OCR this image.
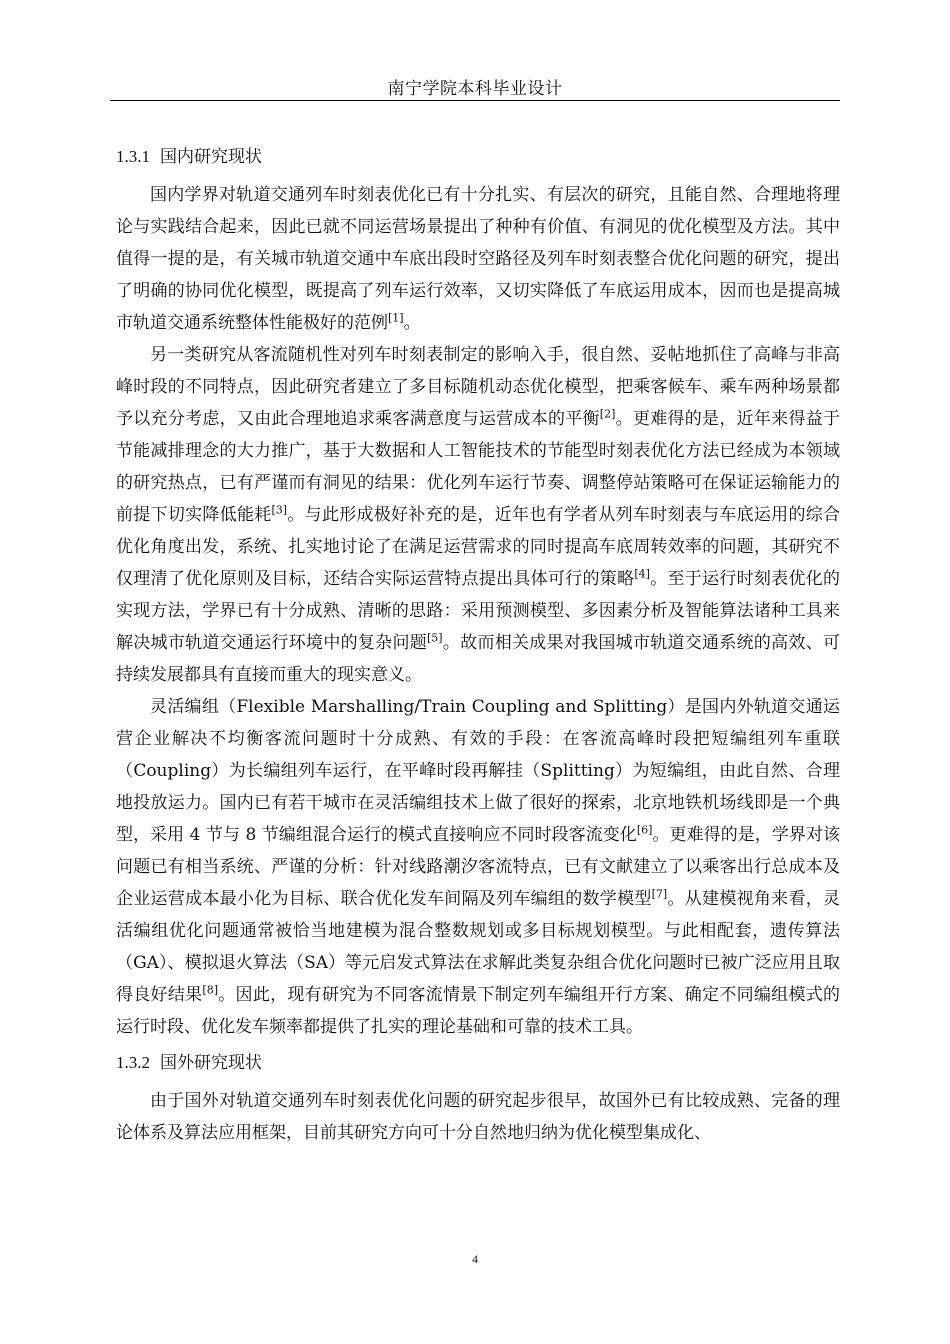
南宁学院本科毕业设计
1.3.1 国内研究现状

国内学界对轨道交通列车时刻表优化已有十分扎实、有层次的研究，且能自然、合理地将理论与实践结合起来，因此已就不同运营场景提出了种种有价值、有洞见的优化模型及方法。其中值得一提的是，有关城市轨道交通中车底出段时空路径及列车时刻表整合优化问题的研究，提出了明确的协同优化模型，既提高了列车运行效率，又切实降低了车底运用成本，因而也是提高城市轨道交通系统整体性能极好的范例[1]。

另一类研究从客流随机性对列车时刻表制定的影响入手，很自然、妥帖地抓住了高峰与非高峰时段的不同特点，因此研究者建立了多目标随机动态优化模型，把乘客候车、乘车两种场景都予以充分考虑，又由此合理地追求乘客满意度与运营成本的平衡[2]。更难得的是，近年来得益于节能减排理念的大力推广，基于大数据和人工智能技术的节能型时刻表优化方法已经成为本领域的研究热点，已有严谨而有洞见的结果：优化列车运行节奏、调整停站策略可在保证运输能力的前提下切实降低能耗[3]。与此形成极好补充的是，近年也有学者从列车时刻表与车底运用的综合优化角度出发，系统、扎实地讨论了在满足运营需求的同时提高车底周转效率的问题，其研究不仅理清了优化原则及目标，还结合实际运营特点提出具体可行的策略[4]。至于运行时刻表优化的实现方法，学界已有十分成熟、清晰的思路：采用预测模型、多因素分析及智能算法诸种工具来解决城市轨道交通运行环境中的复杂问题[5]。故而相关成果对我国城市轨道交通系统的高效、可持续发展都具有直接而重大的现实意义。

灵活编组（Flexible Marshalling/Train Coupling and Splitting）是国内外轨道交通运营企业解决不均衡客流问题时十分成熟、有效的手段：在客流高峰时段把短编组列车重联（Coupling）为长编组列车运行，在平峰时段再解挂（Splitting）为短编组，由此自然、合理地投放运力。国内已有若干城市在灵活编组技术上做了很好的探索，北京地铁机场线即是一个典型，采用 4 节与 8 节编组混合运行的模式直接响应不同时段客流变化[6]。更难得的是，学界对该问题已有相当系统、严谨的分析：针对线路潮汐客流特点，已有文献建立了以乘客出行总成本及企业运营成本最小化为目标、联合优化发车间隔及列车编组的数学模型[7]。从建模视角来看，灵活编组优化问题通常被恰当地建模为混合整数规划或多目标规划模型。与此相配套，遗传算法（GA）、模拟退火算法（SA）等元启发式算法在求解此类复杂组合优化问题时已被广泛应用且取得良好结果[8]。因此，现有研究为不同客流情景下制定列车编组开行方案、确定不同编组模式的运行时段、优化发车频率都提供了扎实的理论基础和可靠的技术工具。

1.3.2 国外研究现状

由于国外对轨道交通列车时刻表优化问题的研究起步很早，故国外已有比较成熟、完备的理论体系及算法应用框架，目前其研究方向可十分自然地归纳为优化模型集成化、

4
